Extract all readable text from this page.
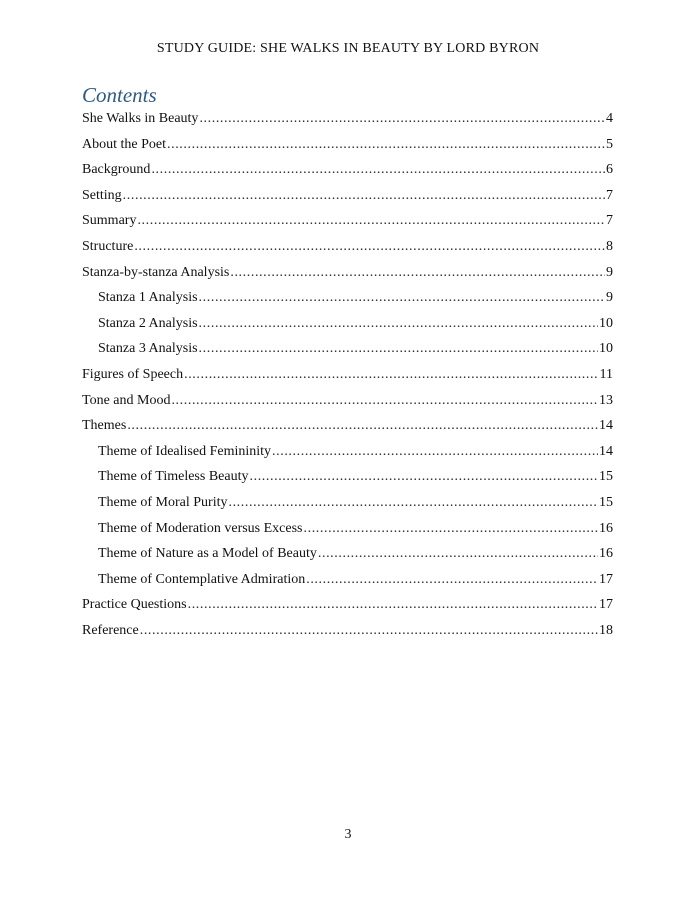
STUDY GUIDE: SHE WALKS IN BEAUTY BY LORD BYRON
Contents
She Walks in Beauty .....	4
About the Poet .....	5
Background .....	6
Setting .....	7
Summary .....	7
Structure .....	8
Stanza-by-stanza Analysis .....	9
Stanza 1 Analysis .....	9
Stanza 2 Analysis .....	10
Stanza 3 Analysis .....	10
Figures of Speech .....	11
Tone and Mood .....	13
Themes .....	14
Theme of Idealised Femininity .....	14
Theme of Timeless Beauty .....	15
Theme of Moral Purity .....	15
Theme of Moderation versus Excess .....	16
Theme of Nature as a Model of Beauty .....	16
Theme of Contemplative Admiration .....	17
Practice Questions .....	17
Reference .....	18
3
